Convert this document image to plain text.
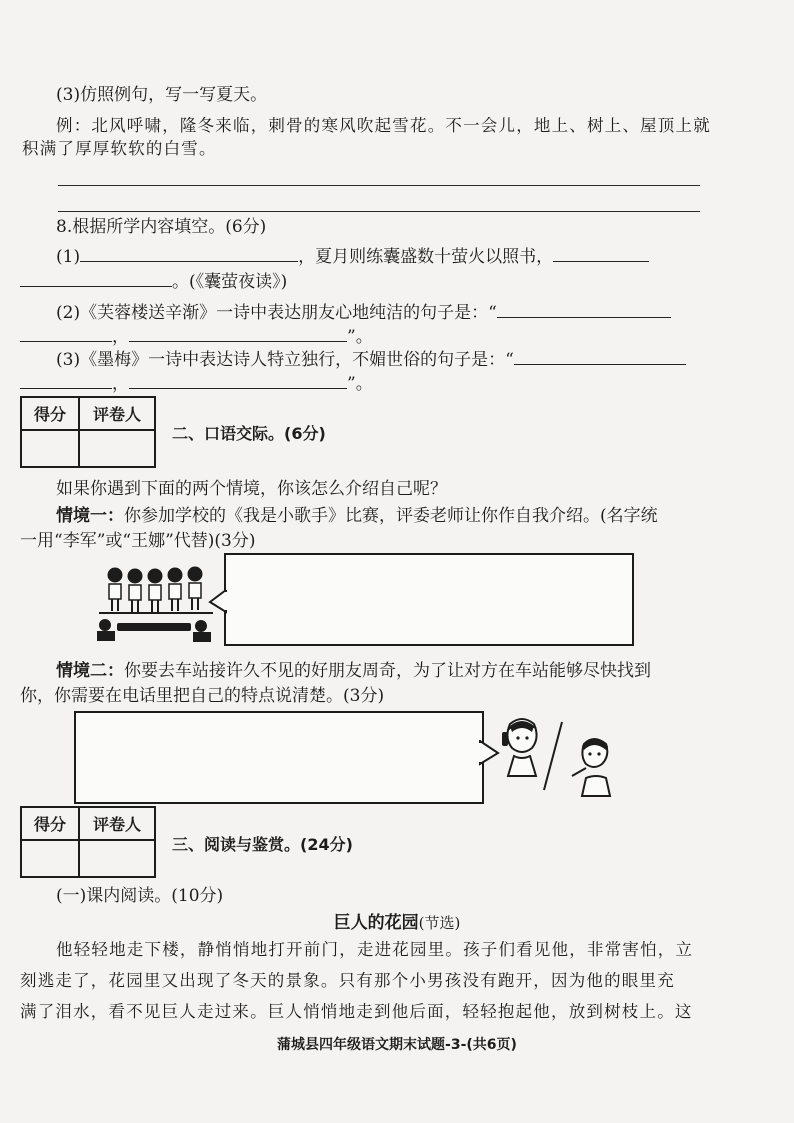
(3)仿照例句，写一写夏天。

例：北风呼啸，隆冬来临，刺骨的寒风吹起雪花。不一会儿，地上、树上、屋顶上就

积满了厚厚软软的白雪。

8.根据所学内容填空。(6分)

(1)	，夏月则练囊盛数十萤火以照书，

。(《囊萤夜读》)

(2)《芙蓉楼送辛渐》一诗中表达朋友心地纯洁的句子是：“

，	”。

(3)《墨梅》一诗中表达诗人特立独行，不媚世俗的句子是：“

，	”。

得分	评卷人

二、口语交际。(6分)

如果你遇到下面的两个情境，你该怎么介绍自己呢？

情境一：你参加学校的《我是小歌手》比赛，评委老师让你作自我介绍。(名字统

一用“李军”或“王娜”代替)(3分)

情境二：你要去车站接许久不见的好朋友周奇，为了让对方在车站能够尽快找到

你，你需要在电话里把自己的特点说清楚。(3分)

得分	评卷人

三、阅读与鉴赏。(24分)

(一)课内阅读。(10分)

巨人的花园(节选)

他轻轻地走下楼，静悄悄地打开前门，走进花园里。孩子们看见他，非常害怕，立

刻逃走了，花园里又出现了冬天的景象。只有那个小男孩没有跑开，因为他的眼里充

满了泪水，看不见巨人走过来。巨人悄悄地走到他后面，轻轻抱起他，放到树枝上。这

蒲城县四年级语文期末试题-3-(共6页)
